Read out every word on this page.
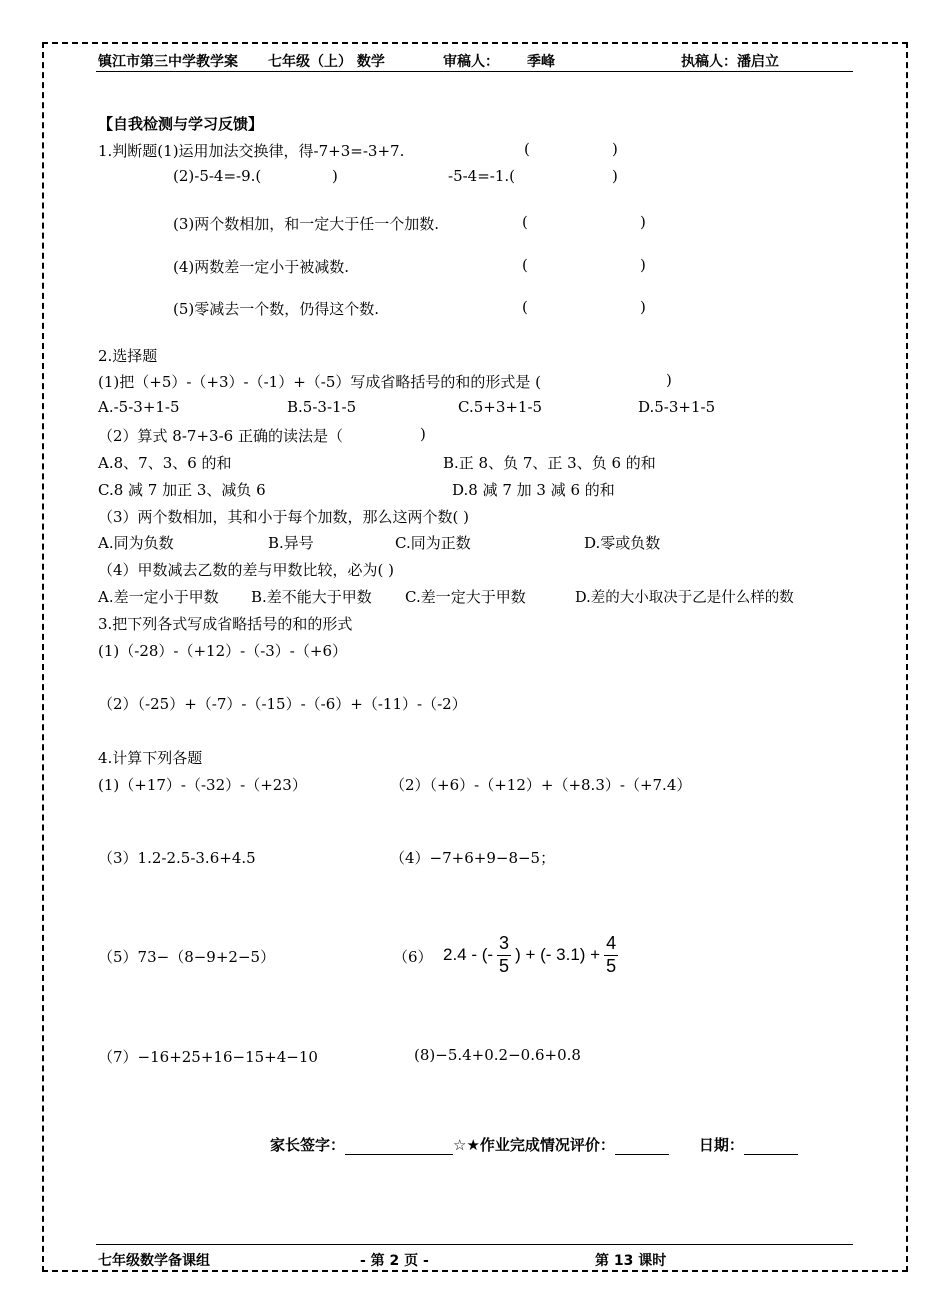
镇江市第三中学教学案 七年级（上） 数学	审稿人： 季峰	执稿人：潘启立
【自我检测与学习反馈】
1.判断题(1)运用加法交换律，得-7+3=-3+7.	(	)
(2)-5-4=-9.(	)	-5-4=-1.(	)
(3)两个数相加，和一定大于任一个加数.	(	)
(4)两数差一定小于被减数.	(	)
(5)零减去一个数，仍得这个数.	(	)
2.选择题
(1)把（+5）-（+3）-（-1）+（-5）写成省略括号的和的形式是 (	)
A.-5-3+1-5	B.5-3-1-5	C.5+3+1-5	D.5-3+1-5
（2）算式 8-7+3-6 正确的读法是（	)
A.8、7、3、6 的和	B.正 8、负 7、正 3、负 6 的和
C.8 减 7 加正 3、减负 6	D.8 减 7 加 3 减 6 的和
（3）两个数相加，其和小于每个加数，那么这两个数( )
A.同为负数	B.异号	C.同为正数	D.零或负数
（4）甲数减去乙数的差与甲数比较，必为( )
A.差一定小于甲数 B.差不能大于甲数 C.差一定大于甲数	D.差的大小取决于乙是什么样的数
3.把下列各式写成省略括号的和的形式
(1)（-28）-（+12）-（-3）-（+6）
（2）（-25）+（-7）-（-15）-（-6）+（-11）-（-2）
4.计算下列各题
(1)（+17）-（-32）-（+23）	（2）（+6）-（+12）+（+8.3）-（+7.4）
（3）1.2-2.5-3.6+4.5	（4）−7+6+9−8−5；
（5）73−（8−9+2−5）	（6） 2.4 - (- $\frac{3}{5}$ ) + (- $3.1) + \frac{4}{5}$
（7）−16+25+16−15+4−10	(8)−5.4+0.2−0.6+0.8
家长签字：	☆★作业完成情况评价：	日期：
七年级数学备课组	- 第 2 页 -	第 13 课时
